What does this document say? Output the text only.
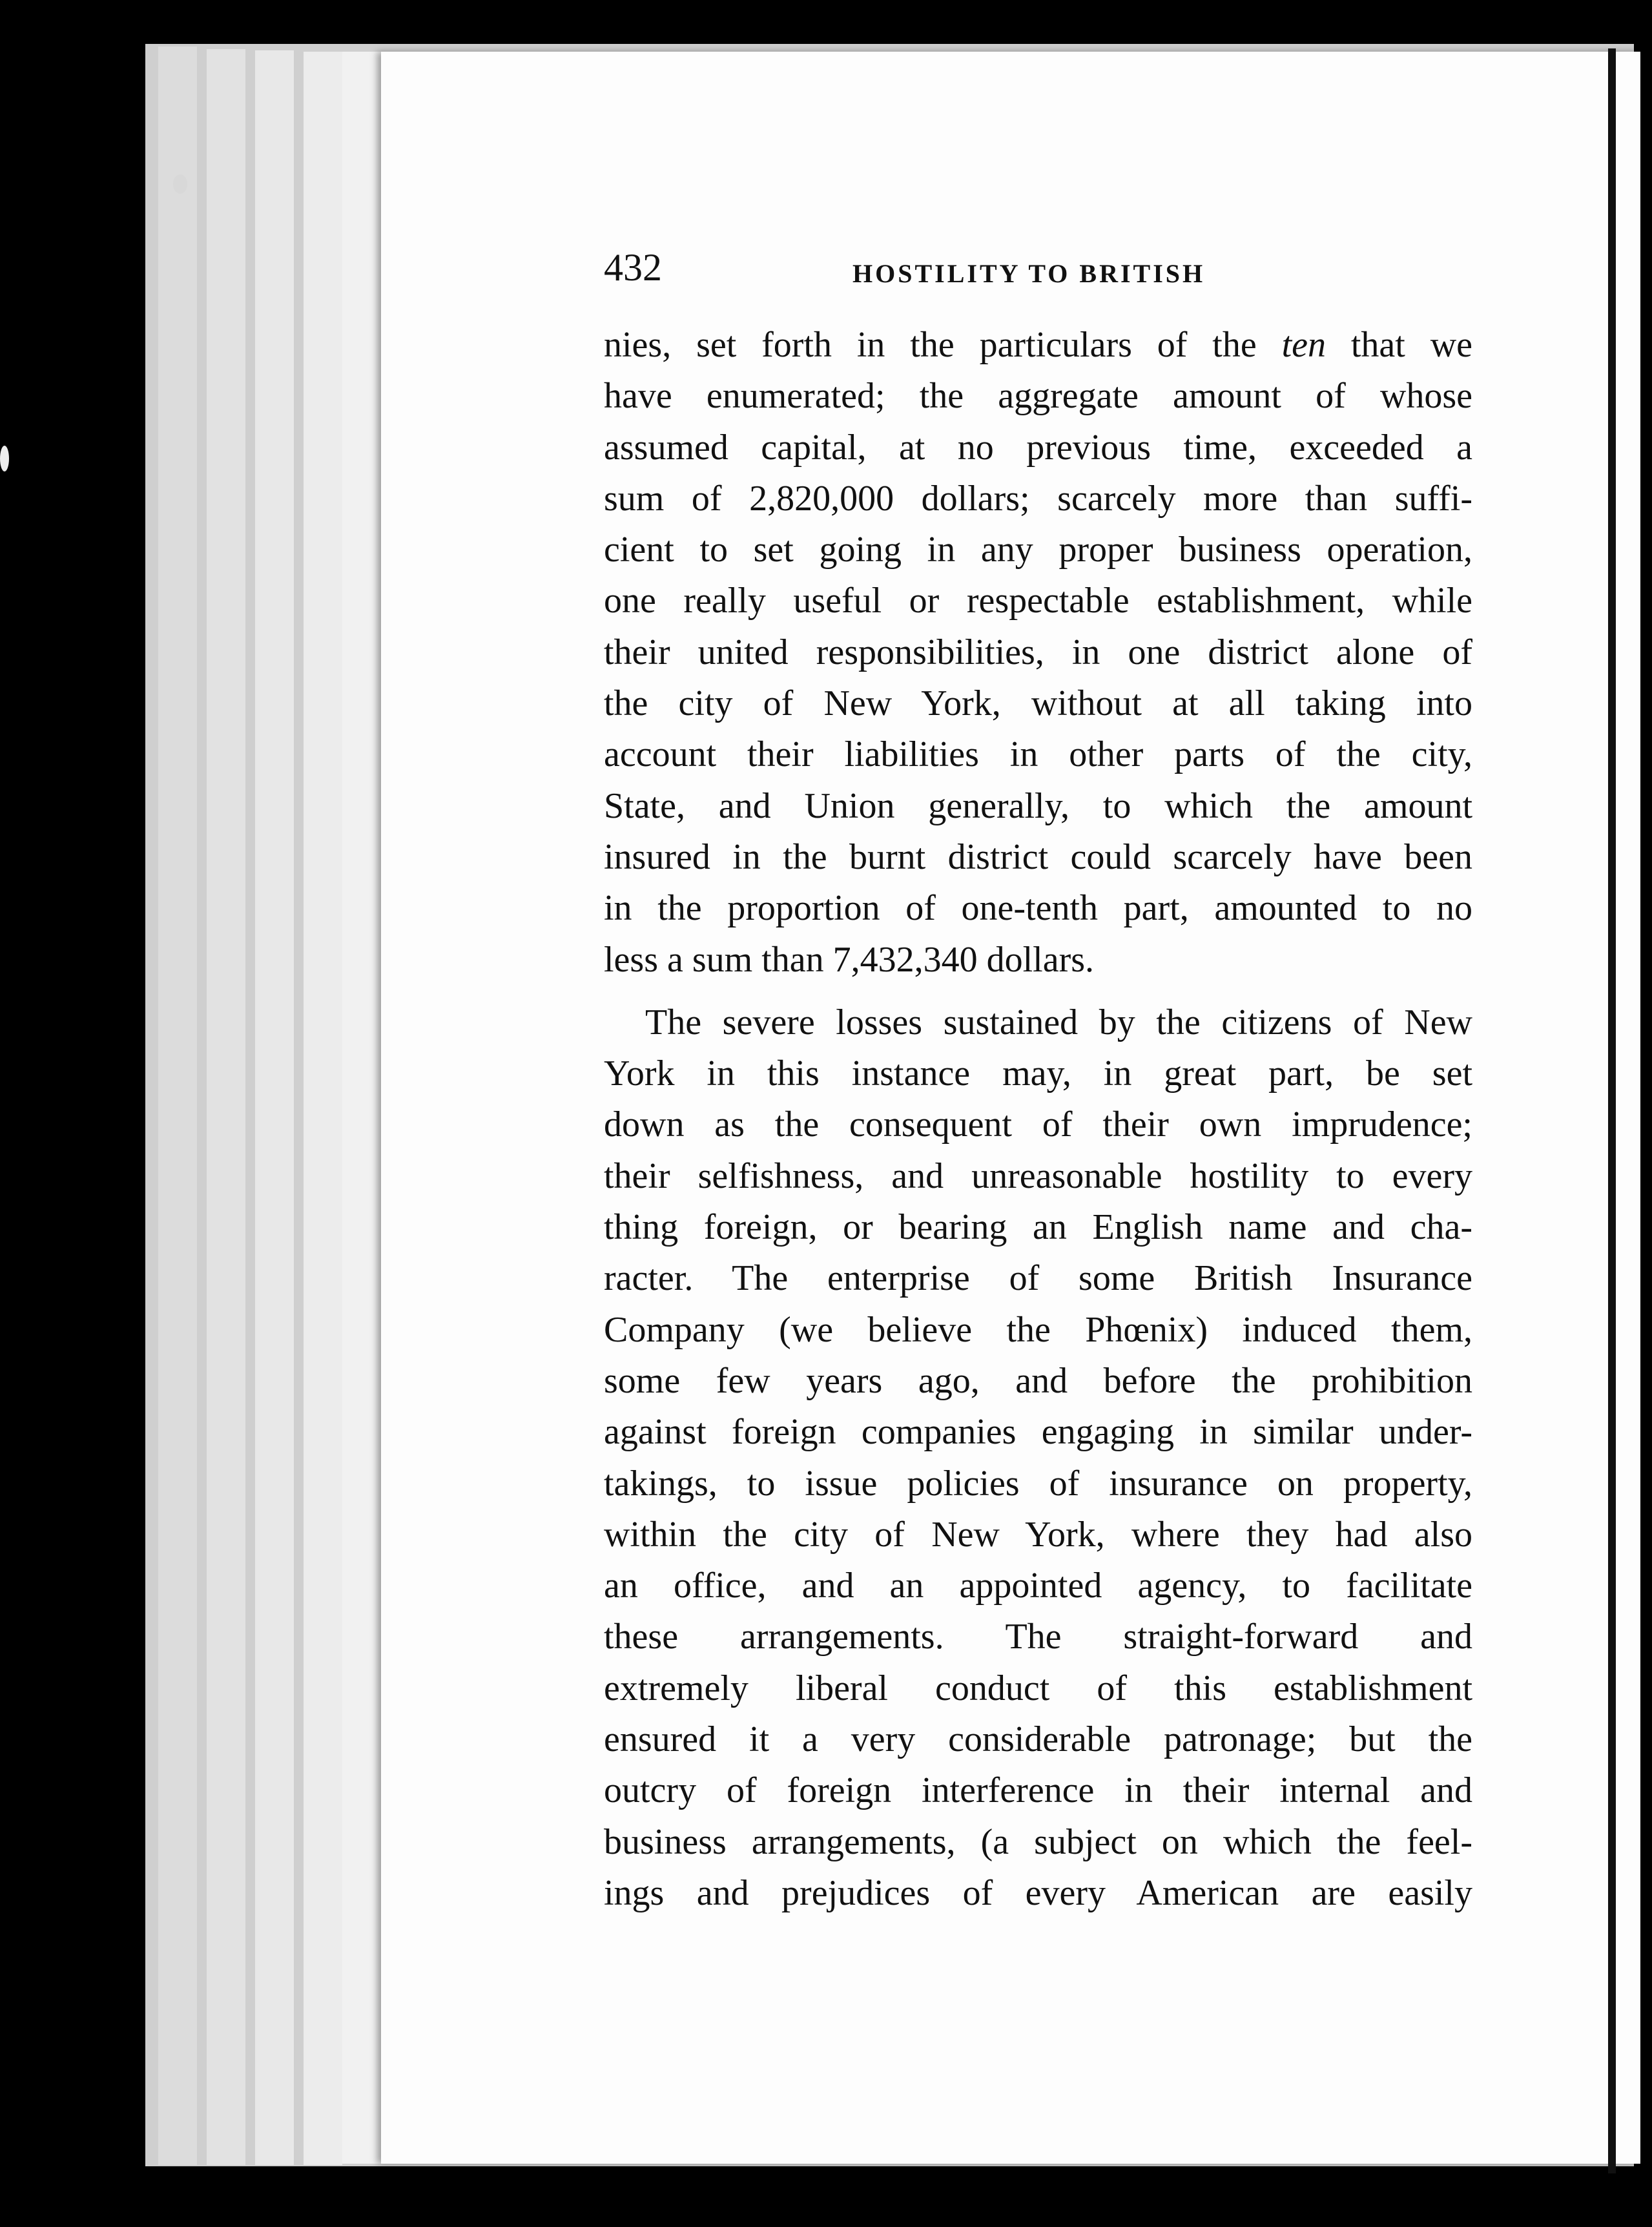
432	HOSTILITY TO BRITISH
nies, set forth in the particulars of the ten that we
have enumerated; the aggregate amount of whose
assumed capital, at no previous time, exceeded a
sum of 2,820,000 dollars; scarcely more than suffi-
cient to set going in any proper business operation,
one really useful or respectable establishment, while
their united responsibilities, in one district alone of
the city of New York, without at all taking into
account their liabilities in other parts of the city,
State, and Union generally, to which the amount
insured in the burnt district could scarcely have been
in the proportion of one-tenth part, amounted to no
less a sum than 7,432,340 dollars.
The severe losses sustained by the citizens of New
York in this instance may, in great part, be set
down as the consequent of their own imprudence;
their selfishness, and unreasonable hostility to every
thing foreign, or bearing an English name and cha-
racter. The enterprise of some British Insurance
Company (we believe the Phœnix) induced them,
some few years ago, and before the prohibition
against foreign companies engaging in similar under-
takings, to issue policies of insurance on property,
within the city of New York, where they had also
an office, and an appointed agency, to facilitate
these arrangements. The straight-forward and
extremely liberal conduct of this establishment
ensured it a very considerable patronage; but the
outcry of foreign interference in their internal and
business arrangements, (a subject on which the feel-
ings and prejudices of every American are easily
